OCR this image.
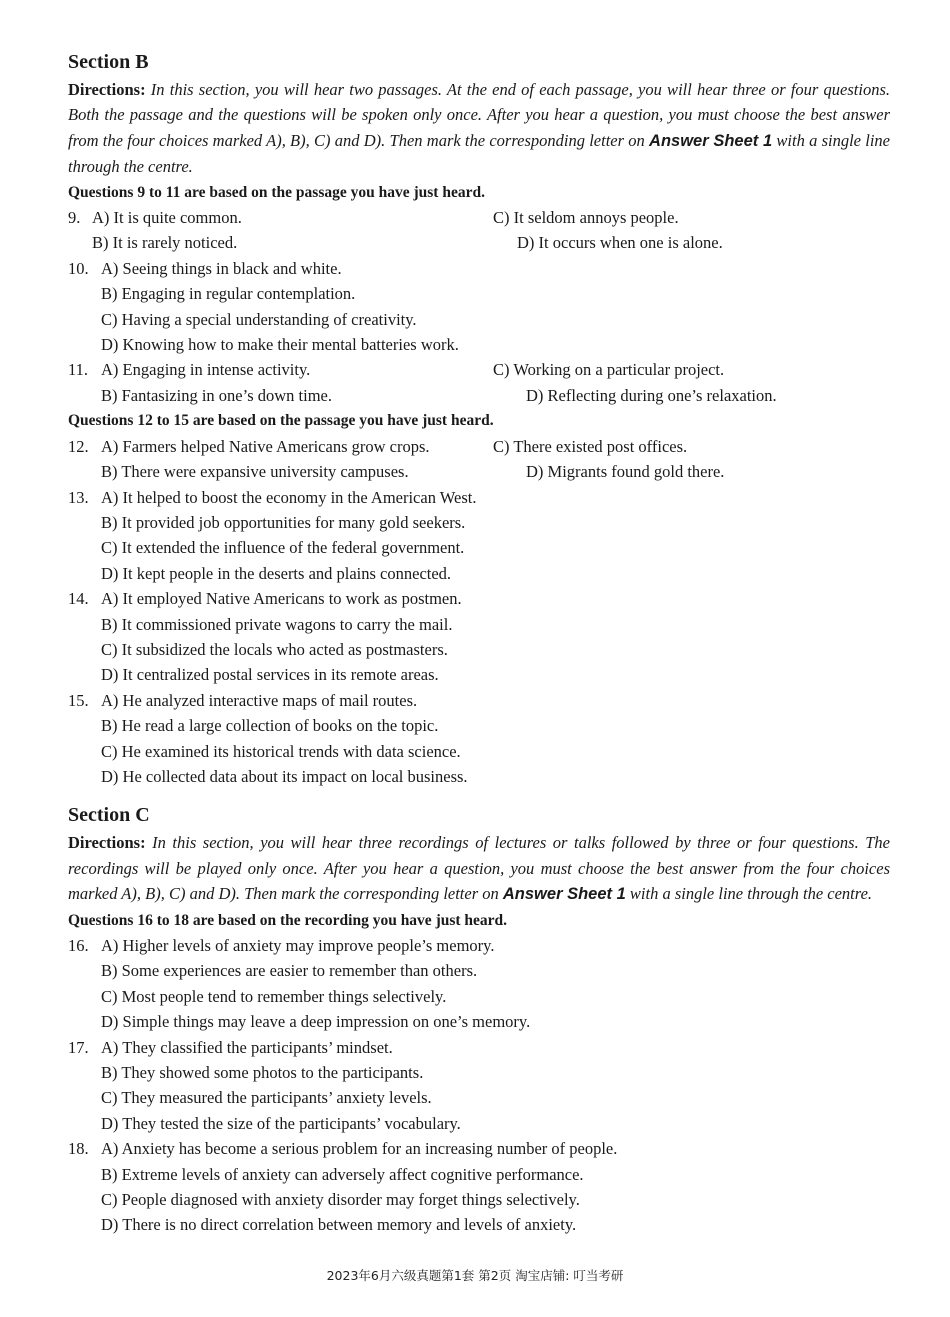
Section B
Directions: In this section, you will hear two passages. At the end of each passage, you will hear three or four questions. Both the passage and the questions will be spoken only once. After you hear a question, you must choose the best answer from the four choices marked A), B), C) and D). Then mark the corresponding letter on Answer Sheet 1 with a single line through the centre.
Questions 9 to 11 are based on the passage you have just heard.
9. A) It is quite common.	C) It seldom annoys people.
B) It is rarely noticed.	D) It occurs when one is alone.
10. A) Seeing things in black and white.
B) Engaging in regular contemplation.
C) Having a special understanding of creativity.
D) Knowing how to make their mental batteries work.
11. A) Engaging in intense activity.	C) Working on a particular project.
B) Fantasizing in one’s down time.	D) Reflecting during one’s relaxation.
Questions 12 to 15 are based on the passage you have just heard.
12. A) Farmers helped Native Americans grow crops.	C) There existed post offices.
B) There were expansive university campuses.	D) Migrants found gold there.
13. A) It helped to boost the economy in the American West.
B) It provided job opportunities for many gold seekers.
C) It extended the influence of the federal government.
D) It kept people in the deserts and plains connected.
14. A) It employed Native Americans to work as postmen.
B) It commissioned private wagons to carry the mail.
C) It subsidized the locals who acted as postmasters.
D) It centralized postal services in its remote areas.
15. A) He analyzed interactive maps of mail routes.
B) He read a large collection of books on the topic.
C) He examined its historical trends with data science.
D) He collected data about its impact on local business.
Section C
Directions: In this section, you will hear three recordings of lectures or talks followed by three or four questions. The recordings will be played only once. After you hear a question, you must choose the best answer from the four choices marked A), B), C) and D). Then mark the corresponding letter on Answer Sheet 1 with a single line through the centre.
Questions 16 to 18 are based on the recording you have just heard.
16. A) Higher levels of anxiety may improve people’s memory.
B) Some experiences are easier to remember than others.
C) Most people tend to remember things selectively.
D) Simple things may leave a deep impression on one’s memory.
17. A) They classified the participants’ mindset.
B) They showed some photos to the participants.
C) They measured the participants’ anxiety levels.
D) They tested the size of the participants’ vocabulary.
18. A) Anxiety has become a serious problem for an increasing number of people.
B) Extreme levels of anxiety can adversely affect cognitive performance.
C) People diagnosed with anxiety disorder may forget things selectively.
D) There is no direct correlation between memory and levels of anxiety.
2023年6月六级真题第1套 第2页 淘宝店铺: 叮当考研
